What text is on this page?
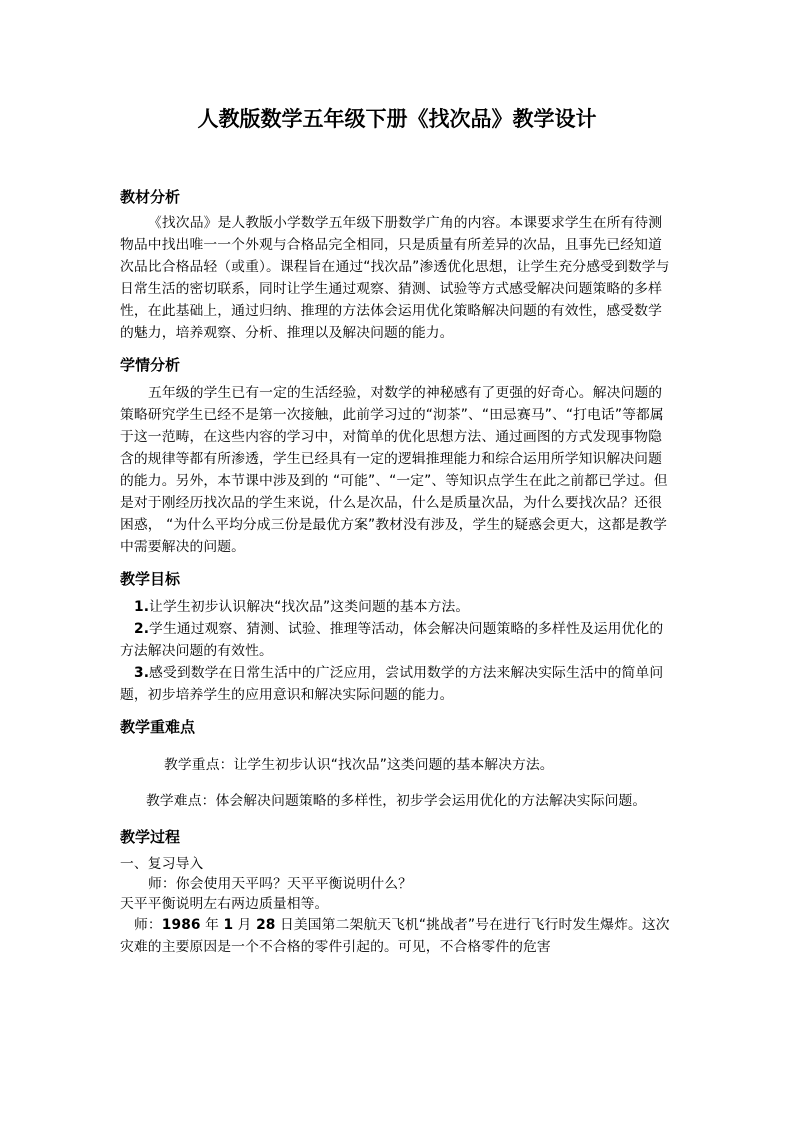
人教版数学五年级下册《找次品》教学设计
教材分析

《找次品》是人教版小学数学五年级下册数学广角的内容。本课要求学生在所有待测物品中找出唯一一个外观与合格品完全相同，只是质量有所差异的次品，且事先已经知道次品比合格品轻（或重）。课程旨在通过“找次品”渗透优化思想，让学生充分感受到数学与日常生活的密切联系，同时让学生通过观察、猜测、试验等方式感受解决问题策略的多样性，在此基础上，通过归纳、推理的方法体会运用优化策略解决问题的有效性，感受数学的魅力，培养观察、分析、推理以及解决问题的能力。

学情分析

五年级的学生已有一定的生活经验，对数学的神秘感有了更强的好奇心。解决问题的策略研究学生已经不是第一次接触，此前学习过的“沏茶”、“田忌赛马”、“打电话”等都属于这一范畴，在这些内容的学习中，对简单的优化思想方法、通过画图的方式发现事物隐含的规律等都有所渗透，学生已经具有一定的逻辑推理能力和综合运用所学知识解决问题的能力。另外，本节课中涉及到的 “可能”、“一定”、等知识点学生在此之前都已学过。但是对于刚经历找次品的学生来说，什么是次品，什么是质量次品，为什么要找次品？还很困惑， “为什么平均分成三份是最优方案”教材没有涉及，学生的疑惑会更大，这都是教学中需要解决的问题。

教学目标

1.让学生初步认识解决“找次品”这类问题的基本方法。

2.学生通过观察、猜测、试验、推理等活动，体会解决问题策略的多样性及运用优化的方法解决问题的有效性。

3.感受到数学在日常生活中的广泛应用，尝试用数学的方法来解决实际生活中的简单问题，初步培养学生的应用意识和解决实际问题的能力。

教学重难点

教学重点：让学生初步认识“找次品”这类问题的基本解决方法。

教学难点：体会解决问题策略的多样性，初步学会运用优化的方法解决实际问题。

教学过程

一、复习导入

师：你会使用天平吗？天平平衡说明什么？

天平平衡说明左右两边质量相等。

师：1986 年 1 月 28 日美国第二架航天飞机“挑战者”号在进行飞行时发生爆炸。这次灾难的主要原因是一个不合格的零件引起的。可见，不合格零件的危害
